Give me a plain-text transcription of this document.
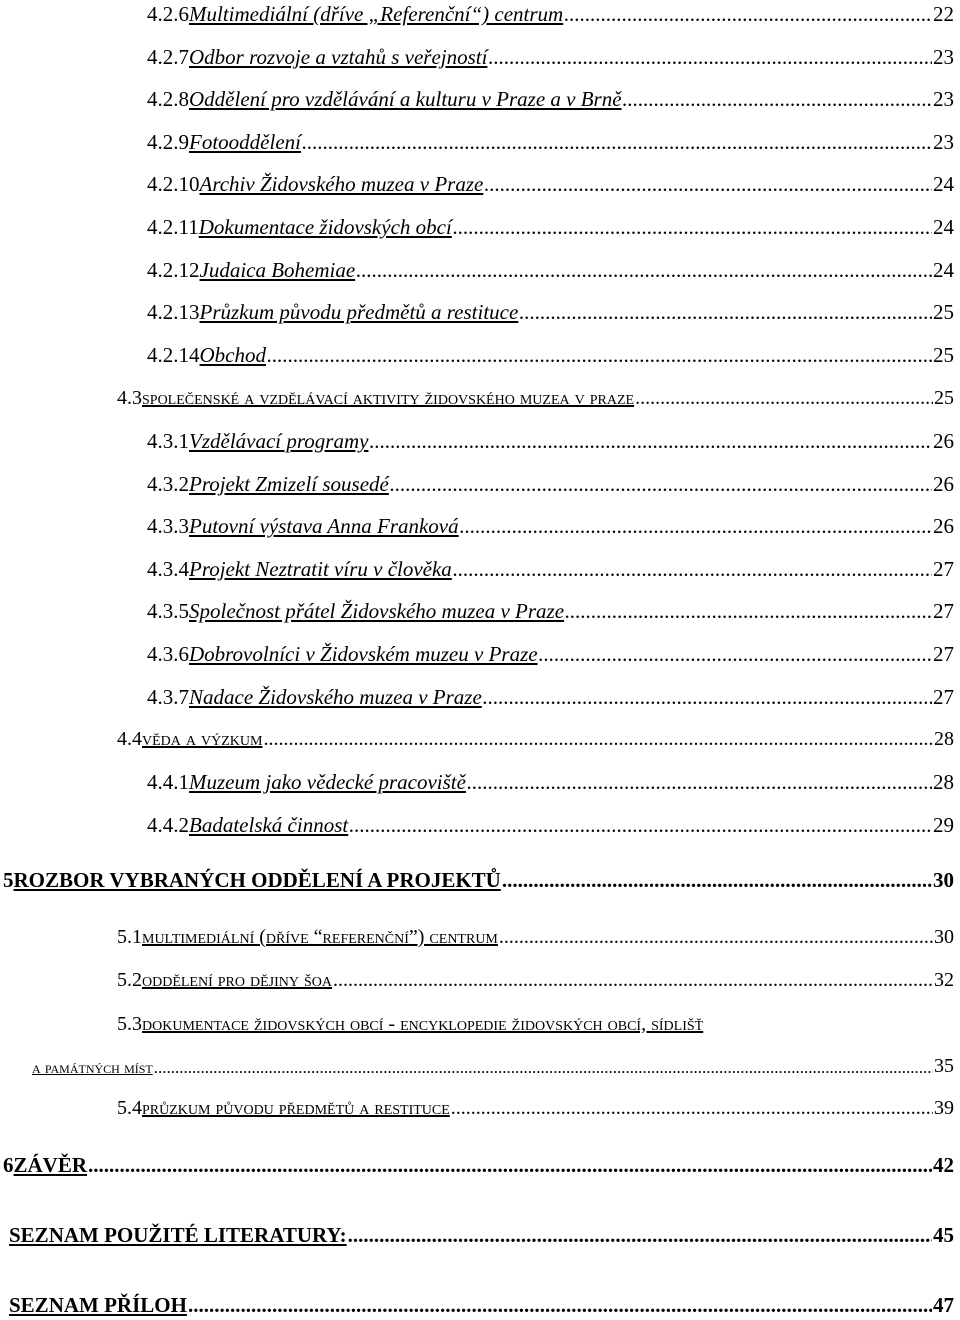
4.2.6Multimediální (dříve „Referenční“) centrum .....	22
4.2.7Odbor rozvoje a vztahů s veřejností .....	23
4.2.8Oddělení pro vzdělávání a kulturu v Praze a v Brně .....	23
4.2.9Fotooddělení .....	23
4.2.10Archiv Židovského muzea v Praze .....	24
4.2.11Dokumentace židovských obcí .....	24
4.2.12Judaica Bohemiae .....	24
4.2.13Průzkum původu předmětů a restituce .....	25
4.2.14Obchod .....	25
4.3společenské a vzdělávací aktivity židovského muzea v praze .....	25
4.3.1Vzdělávací programy .....	26
4.3.2Projekt Zmizelí sousedé .....	26
4.3.3Putovní výstava Anna Franková .....	26
4.3.4Projekt Neztratit víru v člověka .....	27
4.3.5Společnost přátel Židovského muzea v Praze .....	27
4.3.6Dobrovolníci v Židovském muzeu v Praze .....	27
4.3.7Nadace Židovského muzea v Praze .....	27
4.4věda a výzkum .....	28
4.4.1Muzeum jako vědecké pracoviště .....	28
4.4.2Badatelská činnost .....	29
5ROZBOR VYBRANÝCH ODDĚLENÍ A PROJEKTŮ .....	30
5.1multimediální (dříve “referenční”) centrum .....	30
5.2oddělení pro dějiny šoa .....	32
5.3dokumentace židovských obcí - encyklopedie židovských obcí, sídlišť
a památných míst .....	35
5.4průzkum původu předmětů a restituce .....	39
6ZÁVĚR .....	42
SEZNAM POUŽITÉ LITERATURY: .....	45
SEZNAM PŘÍLOH .....	47
